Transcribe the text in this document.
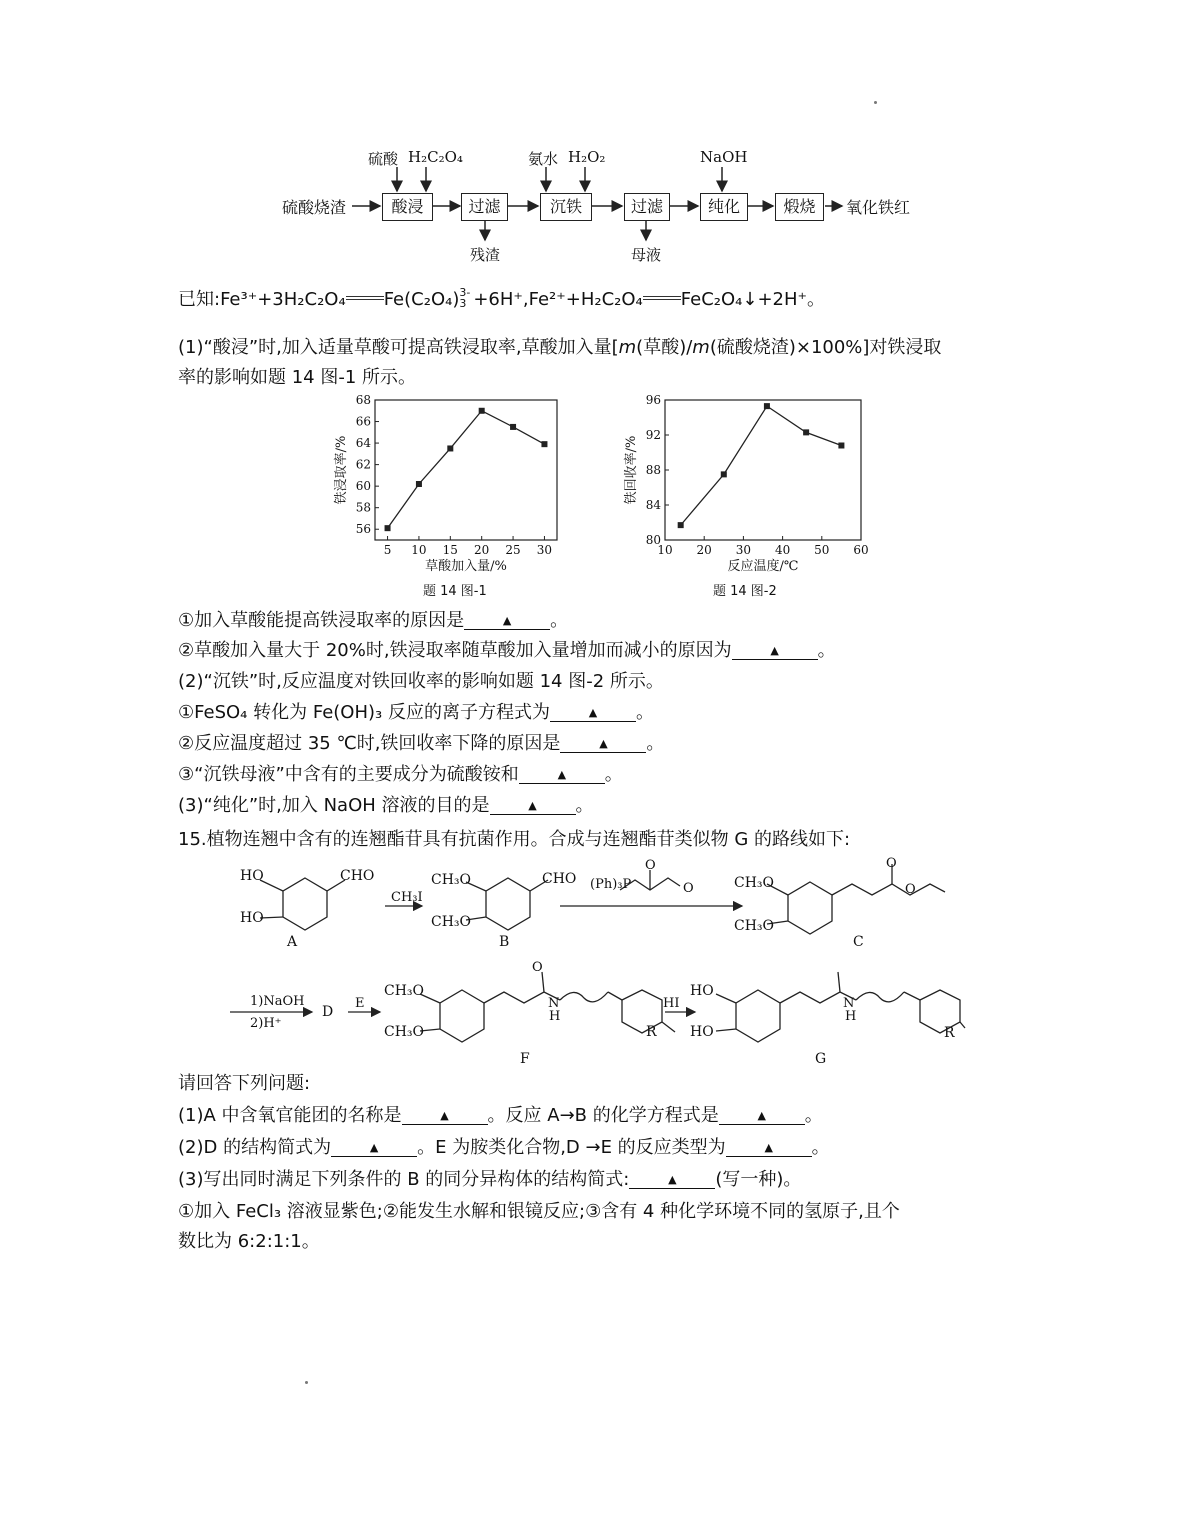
硫酸烧渣	酸浸	过滤	沉铁	过滤	纯化	煅烧	氧化铁红
硫酸 H₂C₂O₄	氨水 H₂O₂	NaOH
残渣	母液
已知:Fe³⁺+3H₂C₂O₄ Fe(C₂O₄) 3-
3 +6H⁺,Fe²⁺+H₂C₂O₄ FeC₂O₄↓+2H⁺。
(1)“酸浸”时,加入适量草酸可提高铁浸取率,草酸加入量[m(草酸)/m(硫酸烧渣)×100%]对铁浸取
率的影响如题 14 图-1 所示。
5 10 15 20 25 30
56
58
60
62
64
66
68
草酸加入量/%
铁浸取率/%
10 20 30 40 50 60
80
84
88
92
96
反应温度/℃
铁回收率/%
题 14 图-1	题 14 图-2
①加入草酸能提高铁浸取率的原因是	▲ 。
②草酸加入量大于 20%时,铁浸取率随草酸加入量增加而减小的原因为	▲ 。
(2)“沉铁”时,反应温度对铁回收率的影响如题 14 图-2 所示。
①FeSO₄ 转化为 Fe(OH)₃ 反应的离子方程式为	▲ 。
②反应温度超过 35 ℃时,铁回收率下降的原因是	▲ 。
③“沉铁母液”中含有的主要成分为硫酸铵和	▲ 。
(3)“纯化”时,加入 NaOH 溶液的目的是	▲ 。
15.植物连翘中含有的连翘酯苷具有抗菌作用。合成与连翘酯苷类似物 G 的路线如下:
HO
HO
CHO
A
CH₃I
CH₃O
CH₃O
CHO
B
(Ph)₃P
O
O	CH₃O
CH₃O
O
O
C
1)NaOH
2)H⁺
D
E
CH₃O
CH₃O
O
N
H
R
F
HI
HO
HO
N
H
R
G
请回答下列问题:
(1)A 中含氧官能团的名称是	▲ 。反应 A→B 的化学方程式是	▲ 。
(2)D 的结构简式为	▲ 。E 为胺类化合物,D →E 的反应类型为	▲ 。
(3)写出同时满足下列条件的 B 的同分异构体的结构简式:	▲ (写一种)。
①加入 FeCl₃ 溶液显紫色;②能发生水解和银镜反应;③含有 4 种化学环境不同的氢原子,且个
数比为 6:2:1:1。
